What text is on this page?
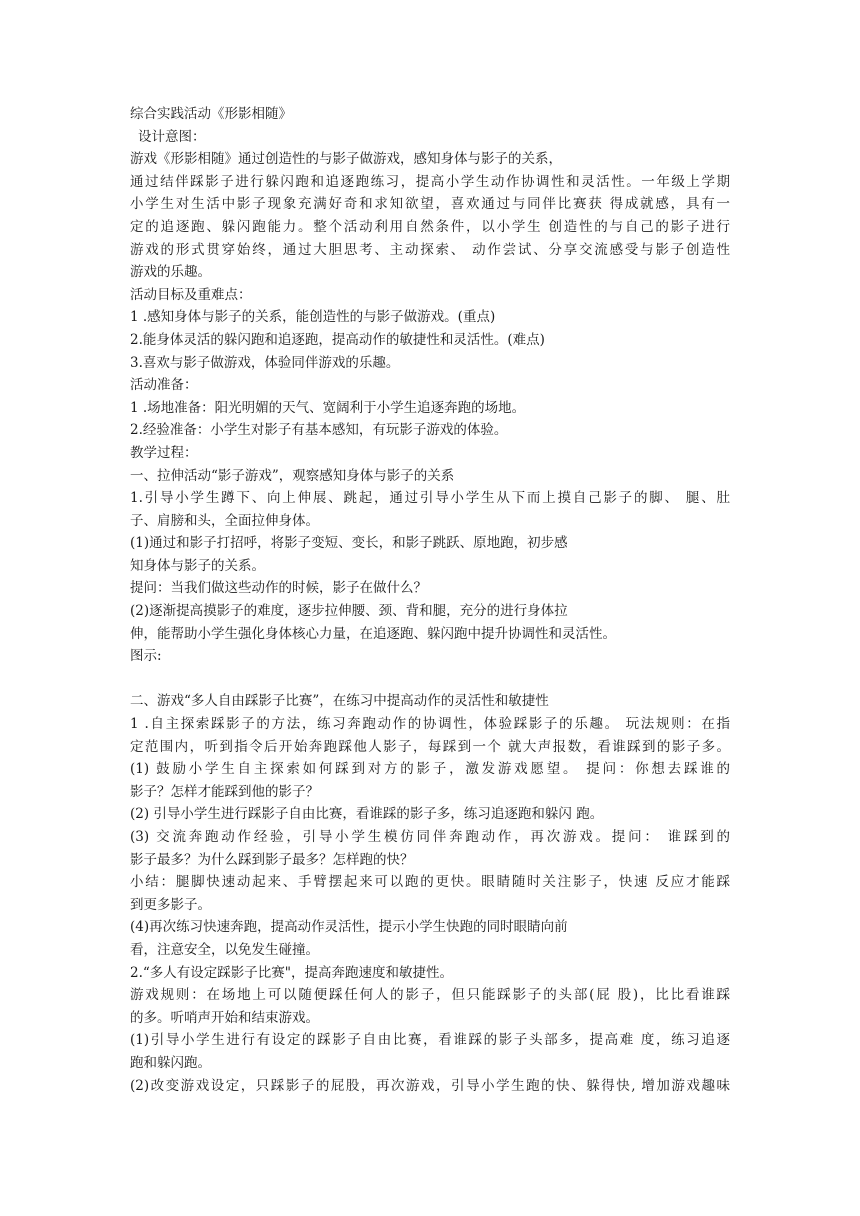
综合实践活动《形影相随》
设计意图：
游戏《形影相随》通过创造性的与影子做游戏，感知身体与影子的关系，
通过结伴踩影子进行躲闪跑和追逐跑练习，提高小学生动作协调性和灵活性。一年级上学期
小学生对生活中影子现象充满好奇和求知欲望，喜欢通过与同伴比赛获 得成就感，具有一
定的追逐跑、躲闪跑能力。整个活动利用自然条件，以小学生 创造性的与自己的影子进行
游戏的形式贯穿始终，通过大胆思考、主动探索、 动作尝试、分享交流感受与影子创造性
游戏的乐趣。
活动目标及重难点：
1 .感知身体与影子的关系，能创造性的与影子做游戏。(重点)
2.能身体灵活的躲闪跑和追逐跑，提高动作的敏捷性和灵活性。(难点)
3.喜欢与影子做游戏，体验同伴游戏的乐趣。
活动准备：
1 .场地准备：阳光明媚的天气、宽阔利于小学生追逐奔跑的场地。
2.经验准备：小学生对影子有基本感知，有玩影子游戏的体验。
教学过程：
一、拉伸活动“影子游戏”，观察感知身体与影子的关系
1.引导小学生蹲下、向上伸展、跳起，通过引导小学生从下而上摸自己影子的脚、 腿、肚
子、肩膀和头，全面拉伸身体。
(1)通过和影子打招呼，将影子变短、变长，和影子跳跃、原地跑，初步感
知身体与影子的关系。
提问：当我们做这些动作的时候，影子在做什么？
(2)逐渐提高摸影子的难度，逐步拉伸腰、颈、背和腿，充分的进行身体拉
伸，能帮助小学生强化身体核心力量，在追逐跑、躲闪跑中提升协调性和灵活性。
图示:
二、游戏“多人自由踩影子比赛”，在练习中提高动作的灵活性和敏捷性
1 .自主探索踩影子的方法，练习奔跑动作的协调性，体验踩影子的乐趣。 玩法规则：在指
定范围内，听到指令后开始奔跑踩他人影子，每踩到一个 就大声报数，看谁踩到的影子多。
(1) 鼓励小学生自主探索如何踩到对方的影子，激发游戏愿望。 提问：你想去踩谁的
影子？怎样才能踩到他的影子？
(2) 引导小学生进行踩影子自由比赛，看谁踩的影子多，练习追逐跑和躲闪 跑。
(3) 交流奔跑动作经验，引导小学生模仿同伴奔跑动作，再次游戏。提问： 谁踩到的
影子最多？为什么踩到影子最多？怎样跑的快？
小结：腿脚快速动起来、手臂摆起来可以跑的更快。眼睛随时关注影子，快速 反应才能踩
到更多影子。
(4)再次练习快速奔跑，提高动作灵活性，提示小学生快跑的同时眼睛向前
看，注意安全，以免发生碰撞。
2.“多人有设定踩影子比赛"，提高奔跑速度和敏捷性。
游戏规则：在场地上可以随便踩任何人的影子，但只能踩影子的头部(屁 股)，比比看谁踩
的多。听哨声开始和结束游戏。
(1)引导小学生进行有设定的踩影子自由比赛，看谁踩的影子头部多，提高难 度，练习追逐
跑和躲闪跑。
(2)改变游戏设定，只踩影子的屁股，再次游戏，引导小学生跑的快、躲得快, 增加游戏趣味
